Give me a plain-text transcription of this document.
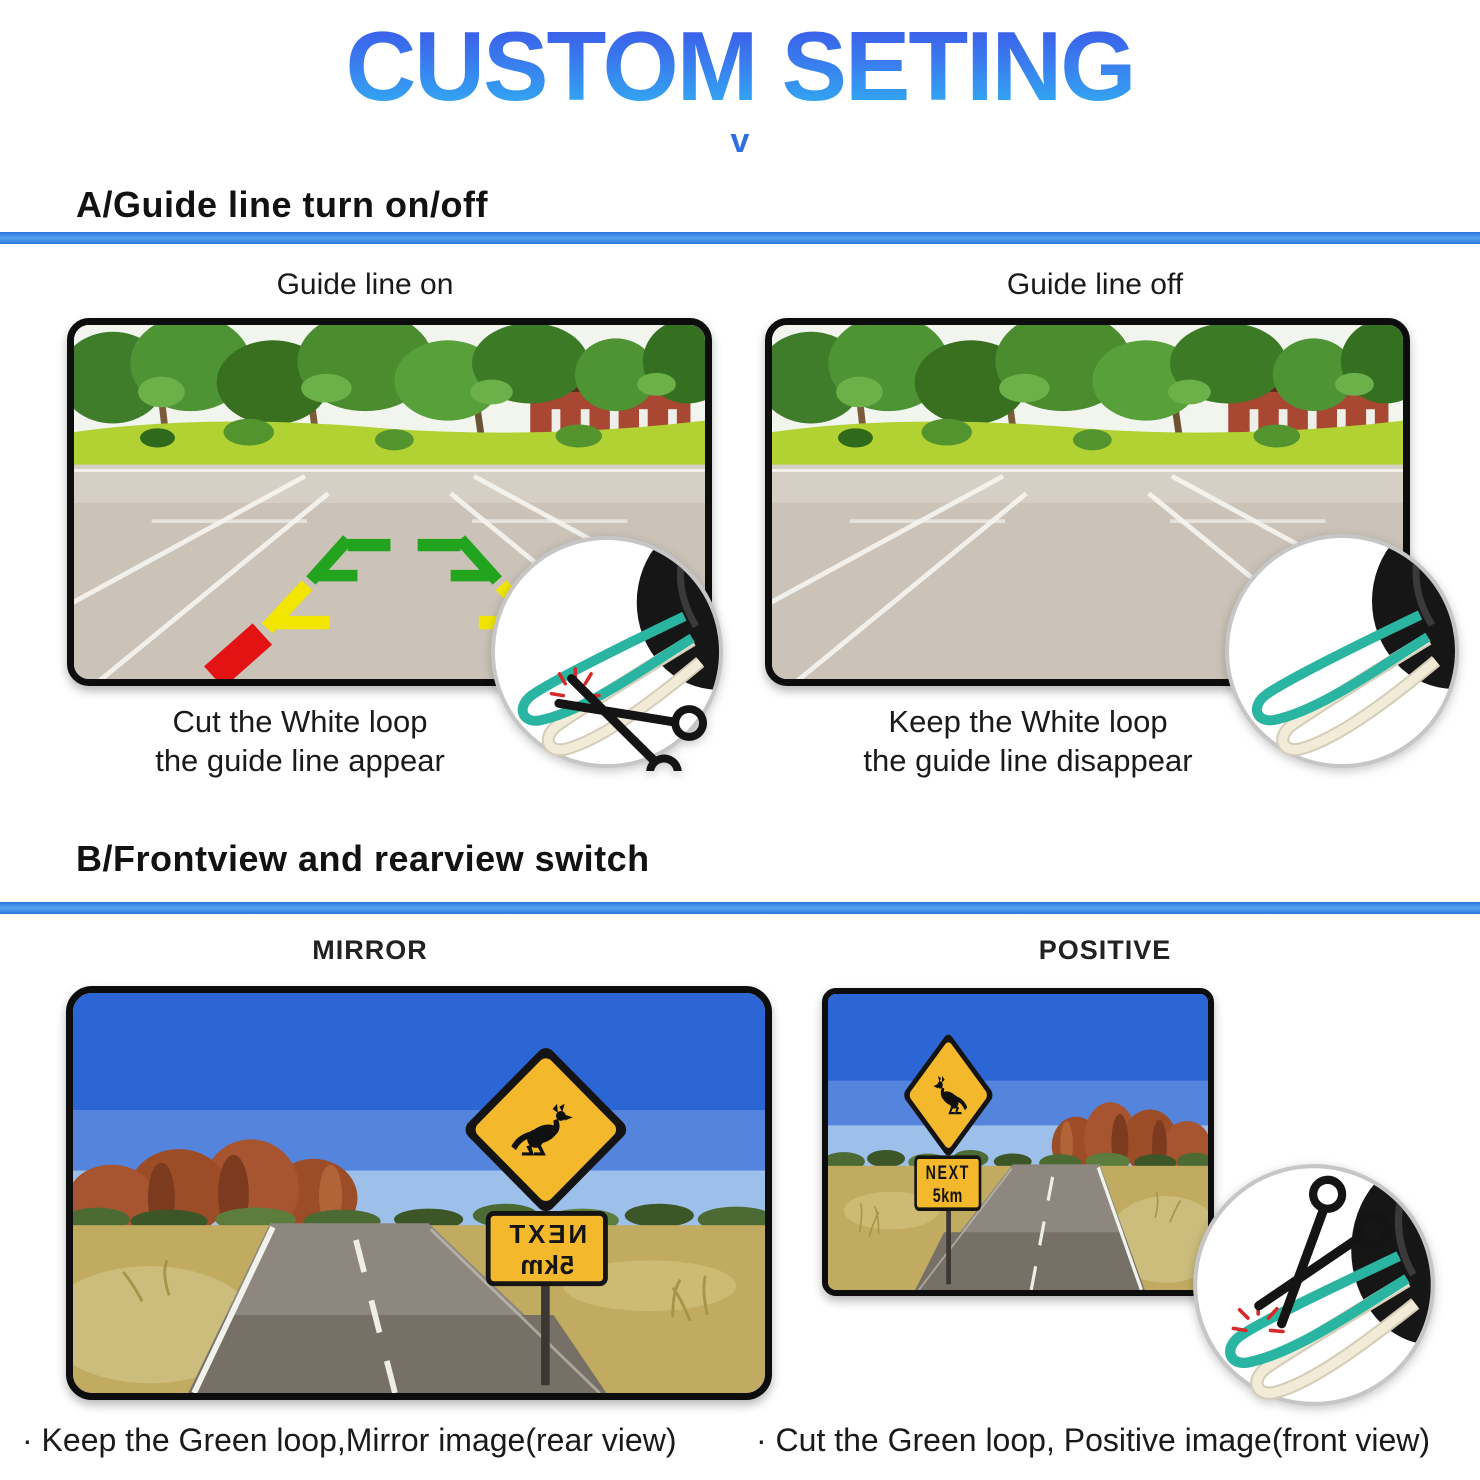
CUSTOM SETING
v
A/Guide line turn on/off
Guide line on	Guide line off
Cut the White loop
the guide line appear
Keep the White loop
the guide line disappear
B/Frontview and rearview switch
MIRROR	POSITIVE
NEXT
5km
NEXT
5km
· Keep the Green loop,Mirror image(rear view) · Cut the Green loop, Positive image(front view)
